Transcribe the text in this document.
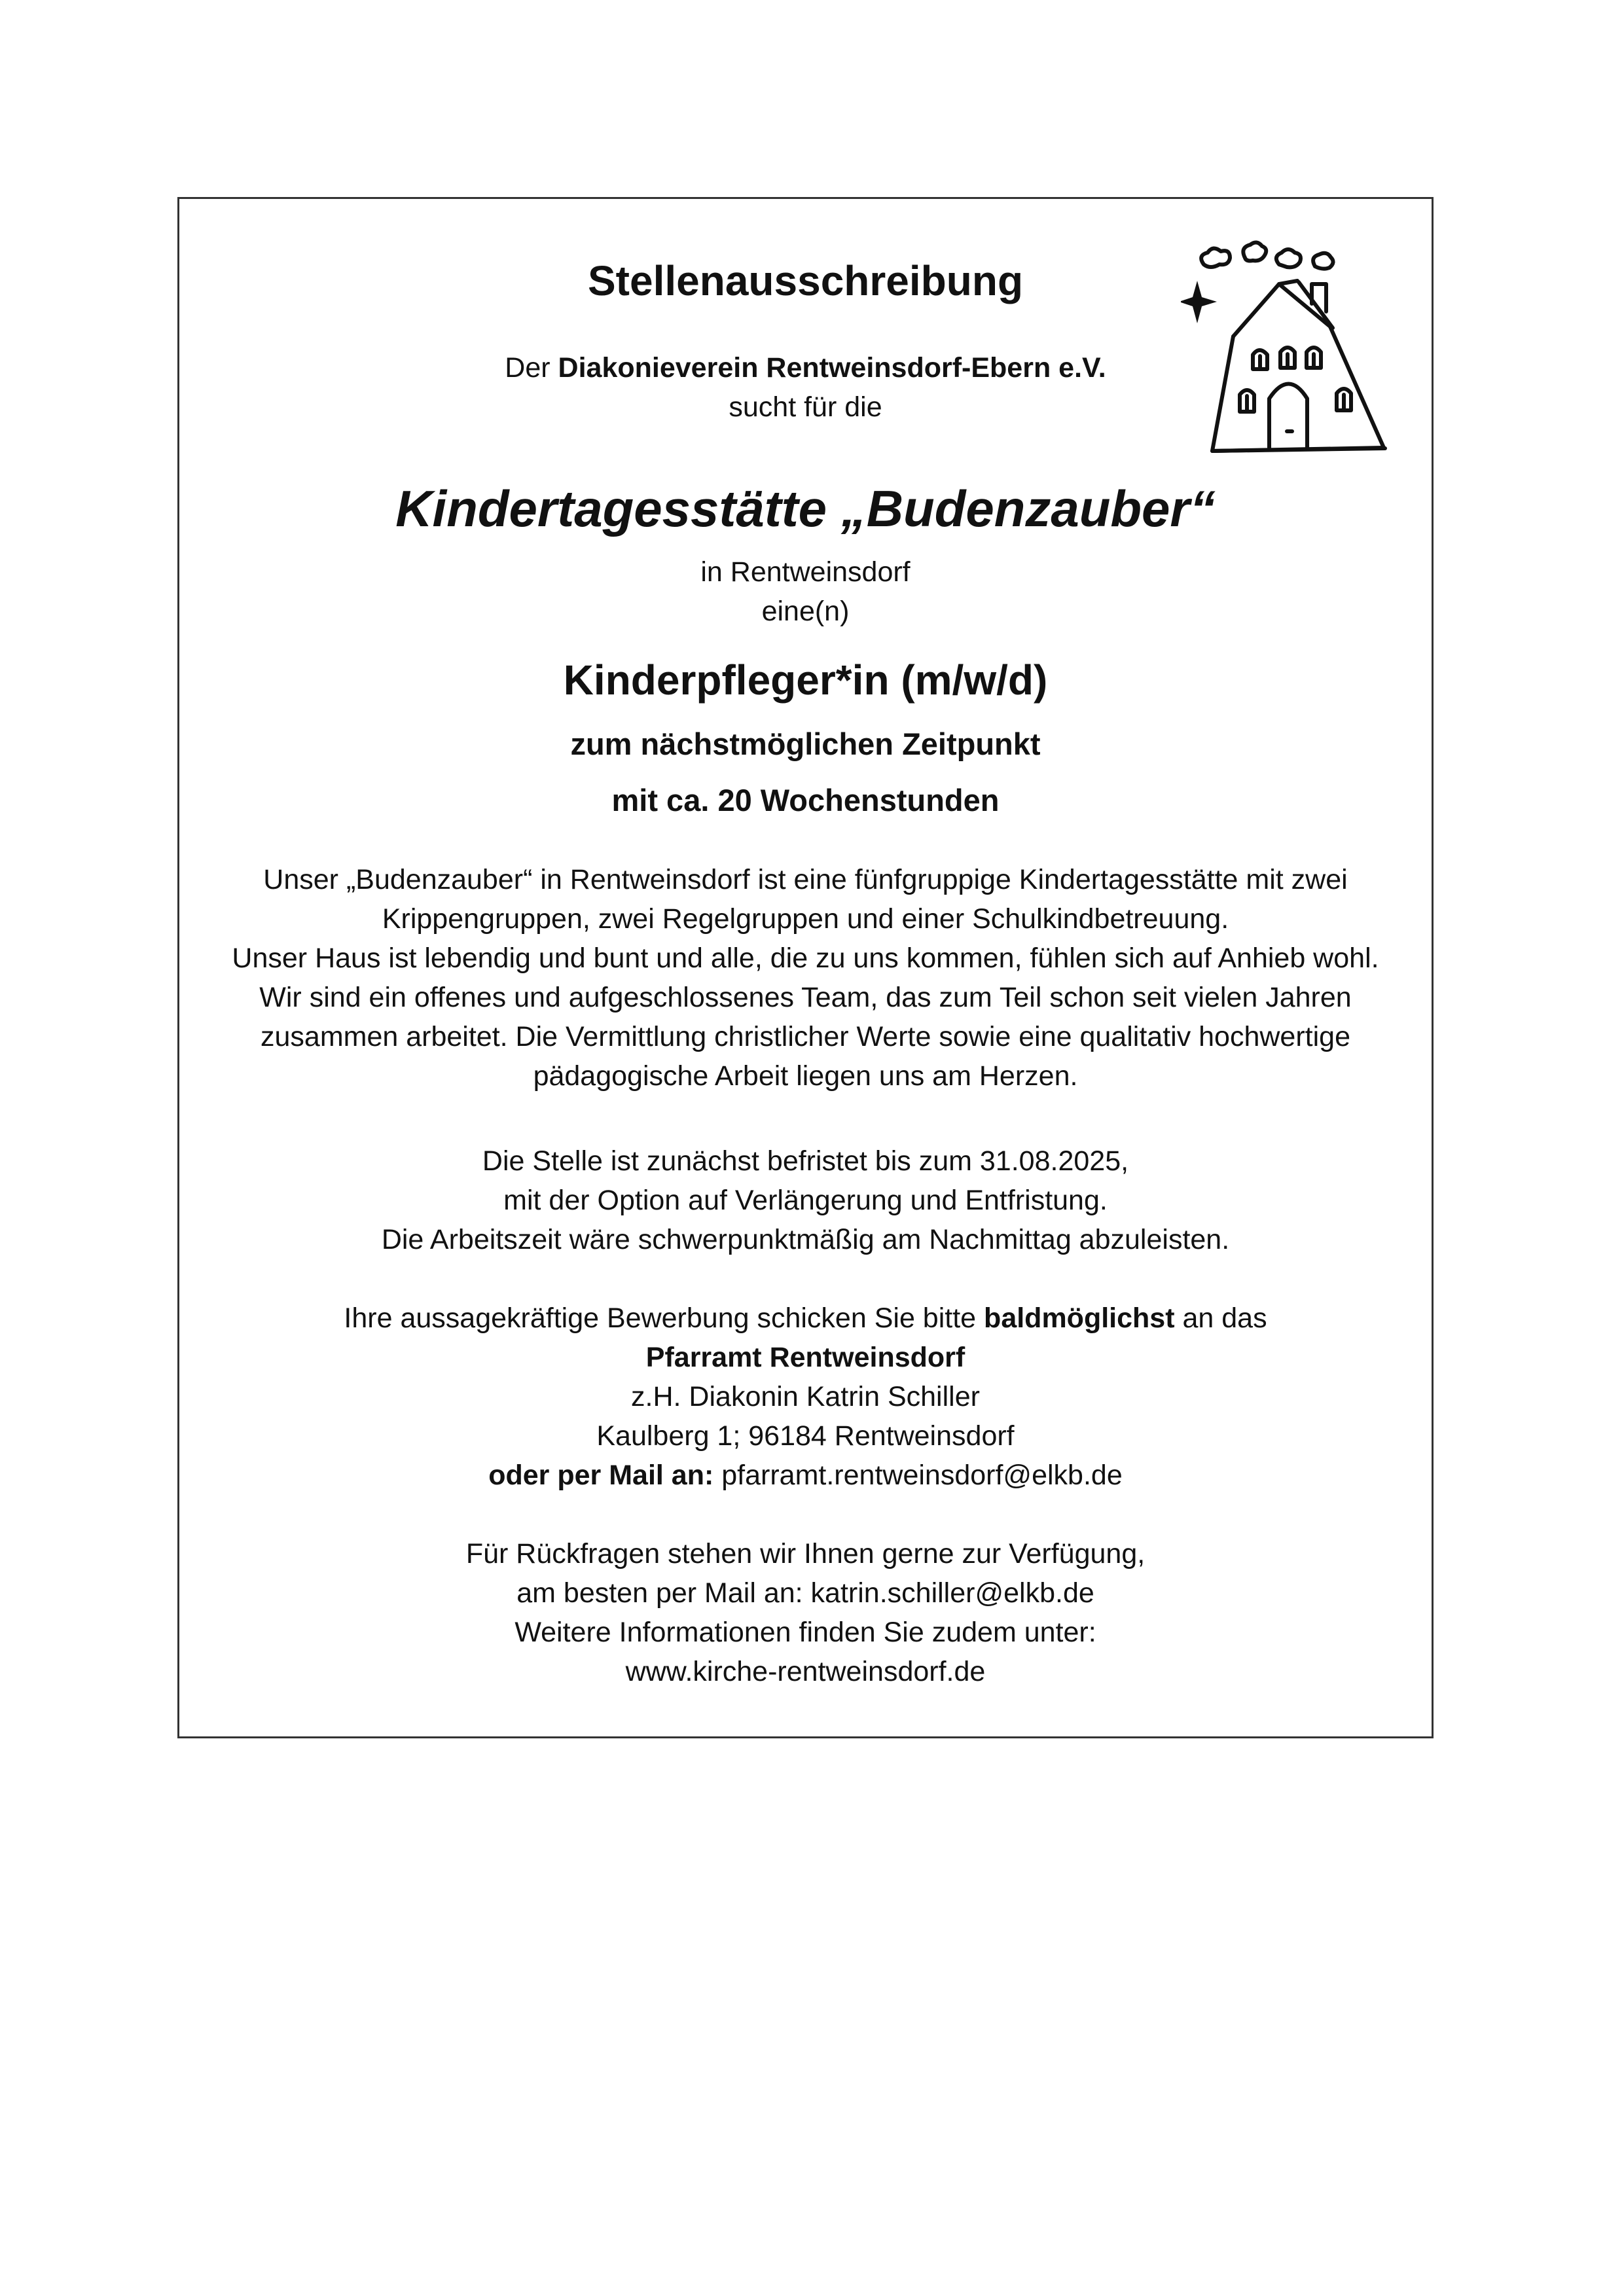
Stellenausschreibung
Der Diakonieverein Rentweinsdorf-Ebern e.V.
sucht für die
Kindertagesstätte „Budenzauber“
in Rentweinsdorf
eine(n)
Kinderpfleger*in (m/w/d)
zum nächstmöglichen Zeitpunkt
mit ca. 20 Wochenstunden
Unser „Budenzauber“ in Rentweinsdorf ist eine fünfgruppige Kindertagesstätte mit zwei
Krippengruppen, zwei Regelgruppen und einer Schulkindbetreuung.
Unser Haus ist lebendig und bunt und alle, die zu uns kommen, fühlen sich auf Anhieb wohl.
Wir sind ein offenes und aufgeschlossenes Team, das zum Teil schon seit vielen Jahren
zusammen arbeitet. Die Vermittlung christlicher Werte sowie eine qualitativ hochwertige
pädagogische Arbeit liegen uns am Herzen.
Die Stelle ist zunächst befristet bis zum 31.08.2025,
mit der Option auf Verlängerung und Entfristung.
Die Arbeitszeit wäre schwerpunktmäßig am Nachmittag abzuleisten.
Ihre aussagekräftige Bewerbung schicken Sie bitte baldmöglichst an das
Pfarramt Rentweinsdorf
z.H. Diakonin Katrin Schiller
Kaulberg 1; 96184 Rentweinsdorf
oder per Mail an: pfarramt.rentweinsdorf@elkb.de
Für Rückfragen stehen wir Ihnen gerne zur Verfügung,
am besten per Mail an: katrin.schiller@elkb.de
Weitere Informationen finden Sie zudem unter:
www.kirche-rentweinsdorf.de
